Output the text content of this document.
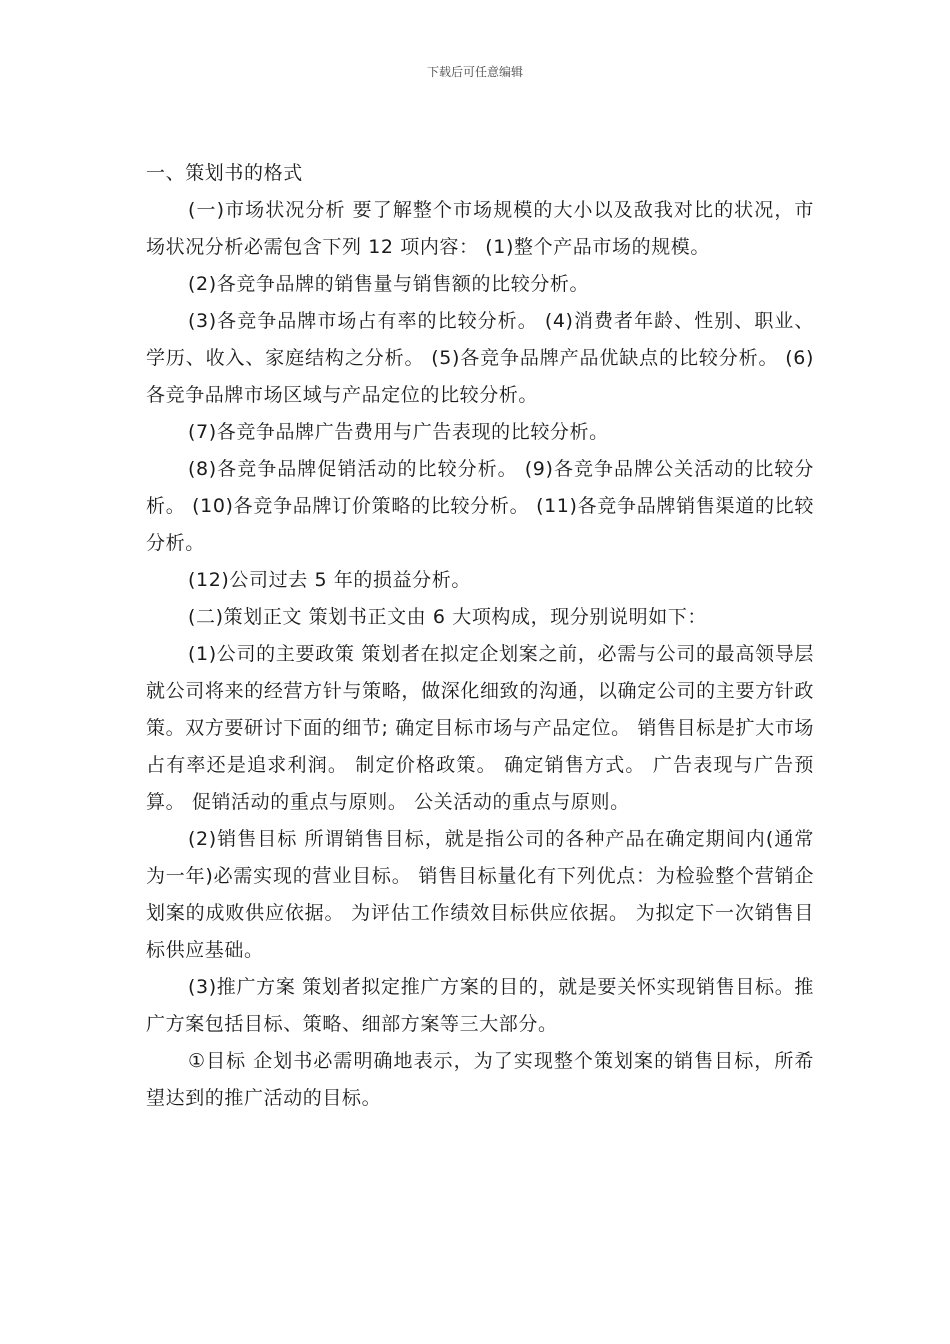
下载后可任意编辑

一、策划书的格式

(一)市场状况分析 要了解整个市场规模的大小以及敌我对比的状况，市场状况分析必需包含下列 12 项内容： (1)整个产品市场的规模。

(2)各竞争品牌的销售量与销售额的比较分析。

(3)各竞争品牌市场占有率的比较分析。 (4)消费者年龄、性别、职业、学历、收入、家庭结构之分析。 (5)各竞争品牌产品优缺点的比较分析。 (6)各竞争品牌市场区域与产品定位的比较分析。

(7)各竞争品牌广告费用与广告表现的比较分析。

(8)各竞争品牌促销活动的比较分析。 (9)各竞争品牌公关活动的比较分析。 (10)各竞争品牌订价策略的比较分析。 (11)各竞争品牌销售渠道的比较分析。

(12)公司过去 5 年的损益分析。

(二)策划正文 策划书正文由 6 大项构成，现分别说明如下：

(1)公司的主要政策 策划者在拟定企划案之前，必需与公司的最高领导层就公司将来的经营方针与策略，做深化细致的沟通，以确定公司的主要方针政策。双方要研讨下面的细节; 确定目标市场与产品定位。 销售目标是扩大市场占有率还是追求利润。 制定价格政策。 确定销售方式。 广告表现与广告预算。 促销活动的重点与原则。 公关活动的重点与原则。

(2)销售目标 所谓销售目标，就是指公司的各种产品在确定期间内(通常为一年)必需实现的营业目标。 销售目标量化有下列优点：为检验整个营销企划案的成败供应依据。 为评估工作绩效目标供应依据。 为拟定下一次销售目标供应基础。

(3)推广方案 策划者拟定推广方案的目的，就是要关怀实现销售目标。推广方案包括目标、策略、细部方案等三大部分。

①目标 企划书必需明确地表示，为了实现整个策划案的销售目标，所希望达到的推广活动的目标。
